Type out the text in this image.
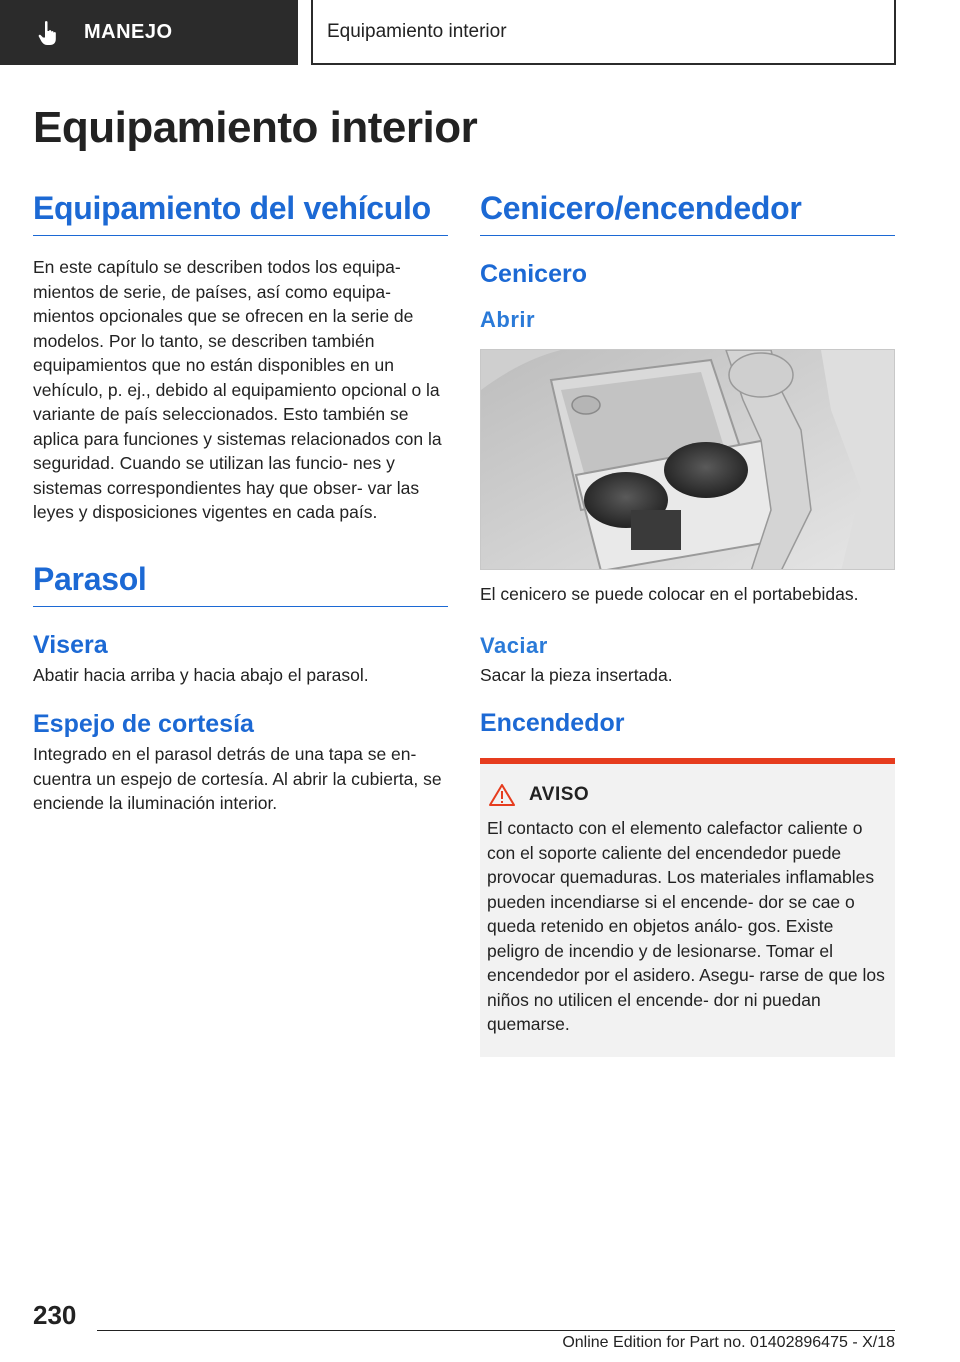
MANEJO	Equipamiento interior
Equipamiento interior
Equipamiento del vehículo

En este capítulo se describen todos los equipa‐ mientos de serie, de países, así como equipa‐ mientos opcionales que se ofrecen en la serie de modelos. Por lo tanto, se describen también equipamientos que no están disponibles en un vehículo, p. ej., debido al equipamiento opcional o la variante de país seleccionados. Esto también se aplica para funciones y sistemas relacionados con la seguridad. Cuando se utilizan las funcio‐ nes y sistemas correspondientes hay que obser‐ var las leyes y disposiciones vigentes en cada país.

Parasol
Visera

Abatir hacia arriba y hacia abajo el parasol.

Espejo de cortesía

Integrado en el parasol detrás de una tapa se en‐ cuentra un espejo de cortesía. Al abrir la cubierta, se enciende la iluminación interior.

Cenicero/encendedor
Cenicero
Abrir

El cenicero se puede colocar en el portabebidas.

Vaciar

Sacar la pieza insertada.

Encendedor
AVISO

El contacto con el elemento calefactor caliente o con el soporte caliente del encendedor puede provocar quemaduras. Los materiales inflamables pueden incendiarse si el encende‐ dor se cae o queda retenido en objetos análo‐ gos. Existe peligro de incendio y de lesionarse. Tomar el encendedor por el asidero. Asegu‐ rarse de que los niños no utilicen el encende‐ dor ni puedan quemarse.

230
Online Edition for Part no. 01402896475 - X/18
